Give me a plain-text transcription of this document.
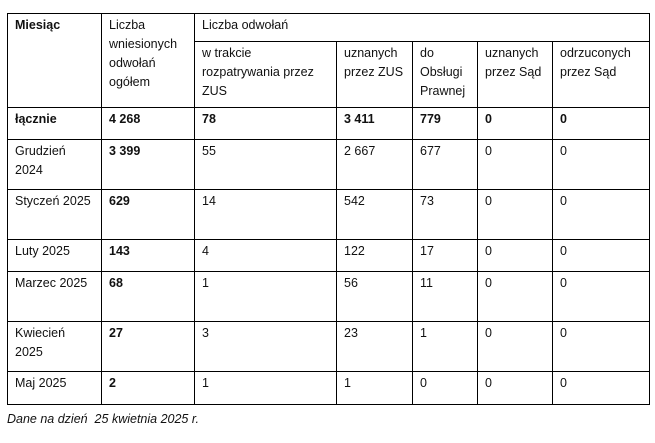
Miesiąc	Liczba wniesionych odwołań ogółem	Liczba odwołań				
		w trakcie rozpatrywania przez ZUS	uznanych przez ZUS	do Obsługi Prawnej	uznanych przez Sąd	odrzuconych przez Sąd
łącznie	4 268	78	3 411	779	0	0
Grudzień 2024	3 399	55	2 667	677	0	0
Styczeń 2025	629	14	542	73	0	0
Luty 2025	143	4	122	17	0	0
Marzec 2025	68	1	56	11	0	0
Kwiecień 2025	27	3	23	1	0	0
Maj 2025	2	1	1	0	0	0
Dane na dzień  25 kwietnia 2025 r.
